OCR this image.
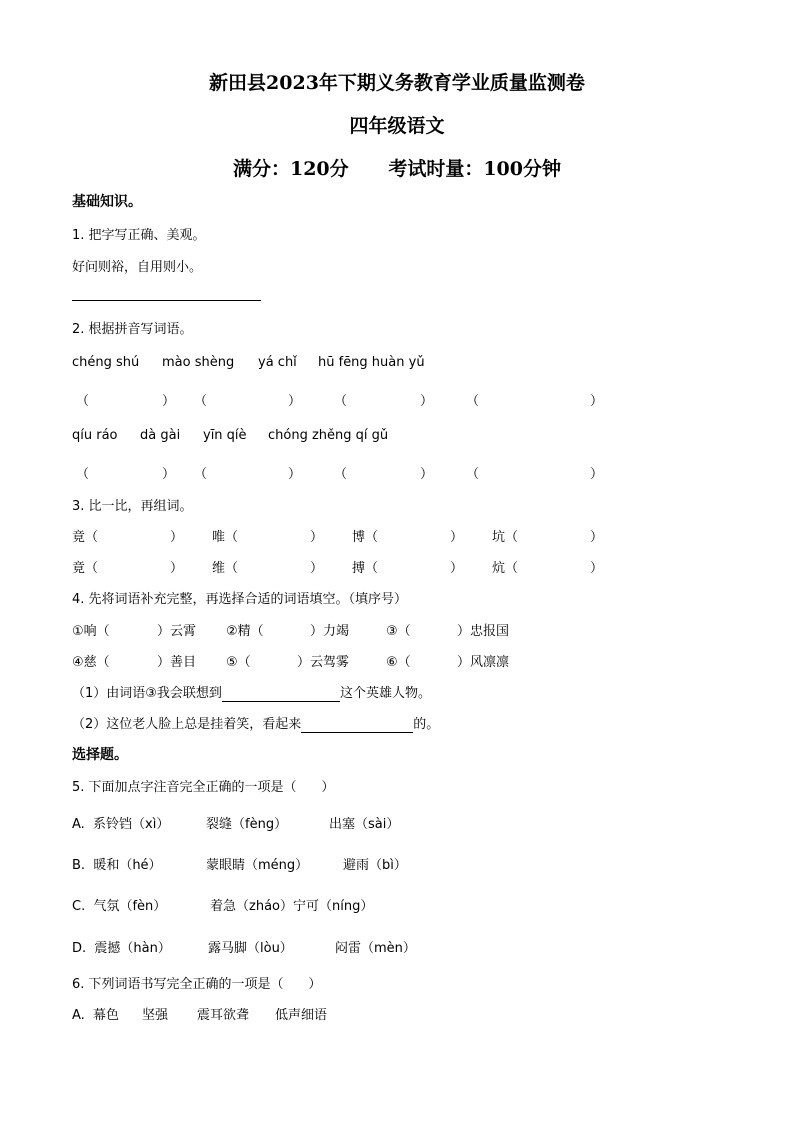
新田县2023年下期义务教育学业质量监测卷
四年级语文
满分：120分      考试时量：100分钟
基础知识。
1. 把字写正确、美观。
好问则裕，自用则小。
2. 根据拼音写词语。
chéng shú mào shèng yá chǐ hū fēng huàn yǔ
（	） （	）	（	）	（	）
qíu ráo dà gài yīn qíè chóng zhěng qí gǔ
（	） （	）	（	）	（	）
3. 比一比，再组词。
竟（	） 唯（	） 博（	） 坑（	）
竟（	） 维（	） 搏（	） 炕（	）
4. 先将词语补充完整，再选择合适的词语填空。（填序号）
①响（	）云霄 ②精（	）力竭	③（	）忠报国
④慈（	）善目 ⑤（	）云驾雾	⑥（	）风凛凛
（1）由词语③我会联想到	这个英雄人物。
（2）这位老人脸上总是挂着笑，看起来	的。
选择题。
5. 下面加点字注音完全正确的一项是（      ）
A.  系铃铛（xì）	裂缝（fèng）	出塞（sài）
B.  暖和（hé）	蒙眼睛（méng）	避雨（bì）
C.  气氛（fèn）	着急（zháo）宁可（níng）
D.  震撼（hàn）	露马脚（lòu）	闷雷（mèn）
6. 下列词语书写完全正确的一项是（      ）
A.  幕色 坚强 震耳欲聋 低声细语
